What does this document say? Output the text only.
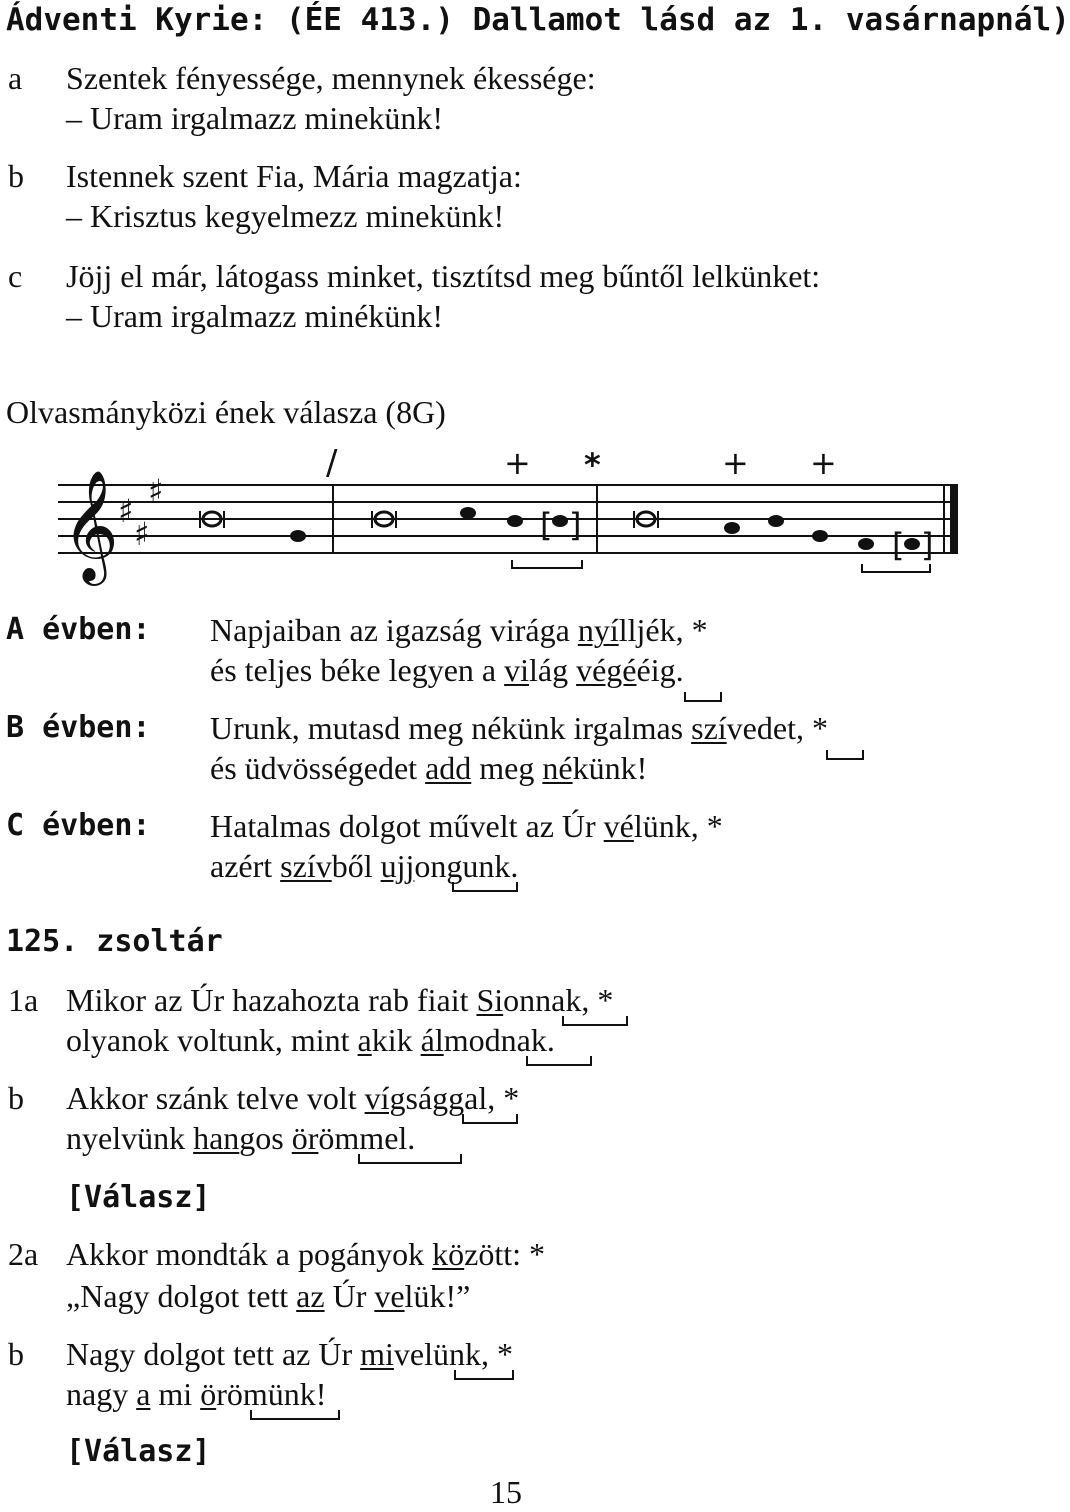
Ádventi Kyrie: (ÉE 413.) Dallamot lásd az 1. vasárnapnál)
a Szentek fényessége, mennynek ékessége:
– Uram irgalmazz minekünk!
b Istennek szent Fia, Mária magzatja:
– Krisztus kegyelmezz minekünk!
c Jöjj el már, látogass minket, tisztítsd meg bűntől lelkünket:
– Uram irgalmazz minékünk!
Olvasmányközi ének válasza (8G)
𝄞 ♯
♯
♯
/	+ *	+ +
[ ]
[ ]
A évben: Napjaiban az igazság virága nyílljék, *
és teljes béke legyen a világ végééig.
B évben: Urunk, mutasd meg nékünk irgalmas szívedet, *
és üdvösségedet add meg nékünk!
C évben: Hatalmas dolgot művelt az Úr vélünk, *
azért szívből ujjongunk.
125. zsoltár
1a Mikor az Úr hazahozta rab fiait Sionnak, *
olyanok voltunk, mint akik álmodnak.
b Akkor szánk telve volt vígsággal, *
nyelvünk hangos örömmel.
[Válasz]
2a Akkor mondták a pogányok között: *
„Nagy dolgot tett az Úr velük!”
b Nagy dolgot tett az Úr mivelünk, *
nagy a mi örömünk!
[Válasz]
15
